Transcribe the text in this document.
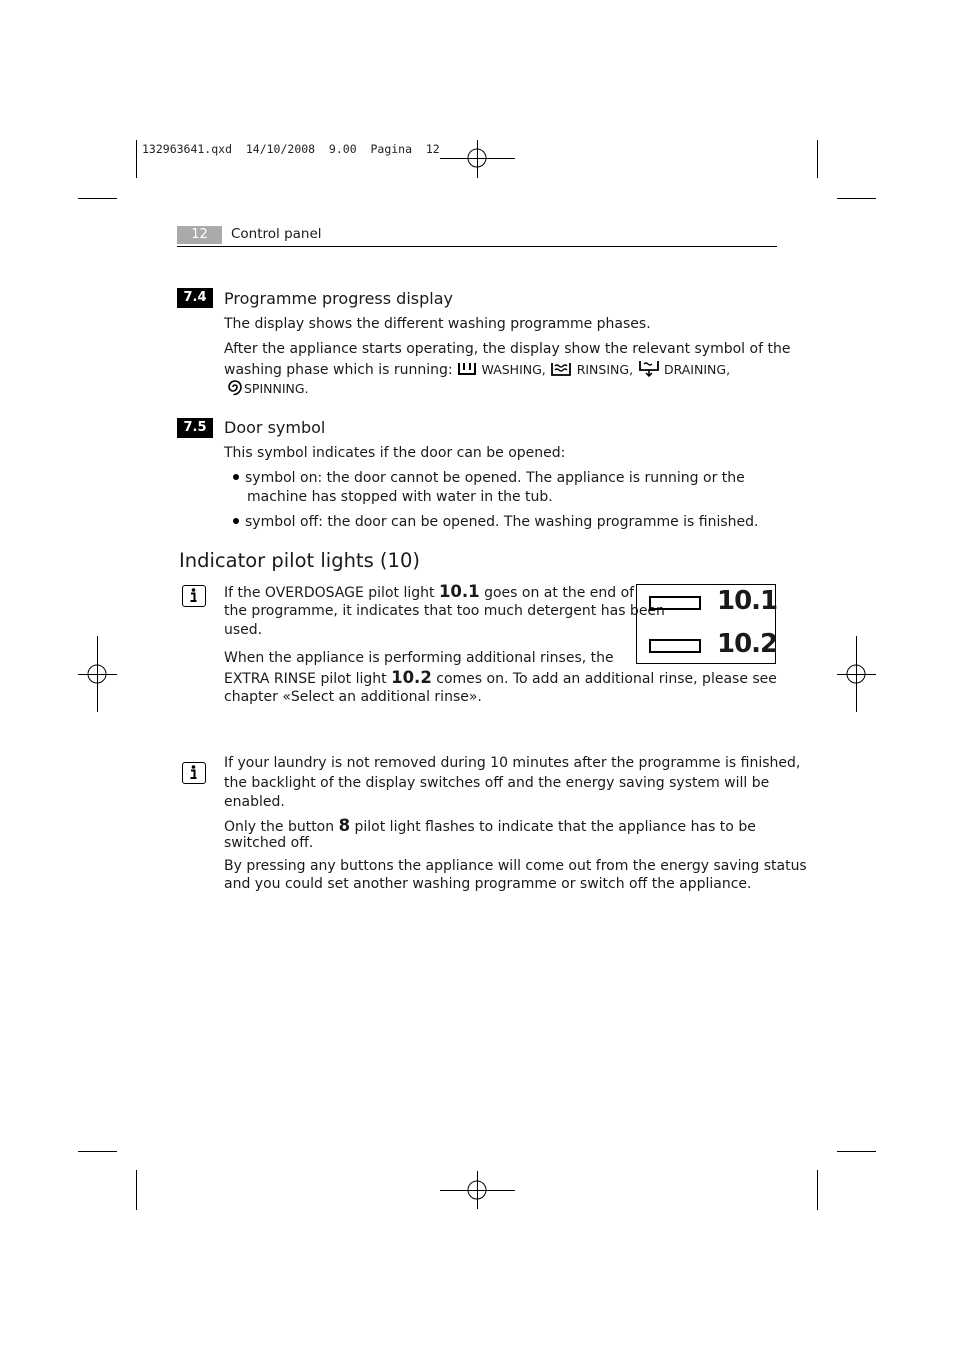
132963641.qxd  14/10/2008  9.00  Pagina  12
12	Control panel
7.4	Programme progress display
The display shows the different washing programme phases.
After the appliance starts operating, the display show the relevant symbol of the
washing phase which is running: WASHING, RINSING, DRAINING,
SPINNING.
7.5	Door symbol
This symbol indicates if the door can be opened:
symbol on: the door cannot be opened. The appliance is running or the
machine has stopped with water in the tub.
symbol off: the door can be opened. The washing programme is finished.
Indicator pilot lights (10)
If the OVERDOSAGE pilot light 10.1 goes on at the end of
the programme, it indicates that too much detergent has been
used.
When the appliance is performing additional rinses, the
EXTRA RINSE pilot light 10.2 comes on. To add an additional rinse, please see
chapter «Select an additional rinse».
10.1
10.2
If your laundry is not removed during 10 minutes after the programme is finished,
the backlight of the display switches off and the energy saving system will be
enabled.
Only the button 8 pilot light flashes to indicate that the appliance has to be
switched off.
By pressing any buttons the appliance will come out from the energy saving status
and you could set another washing programme or switch off the appliance.
